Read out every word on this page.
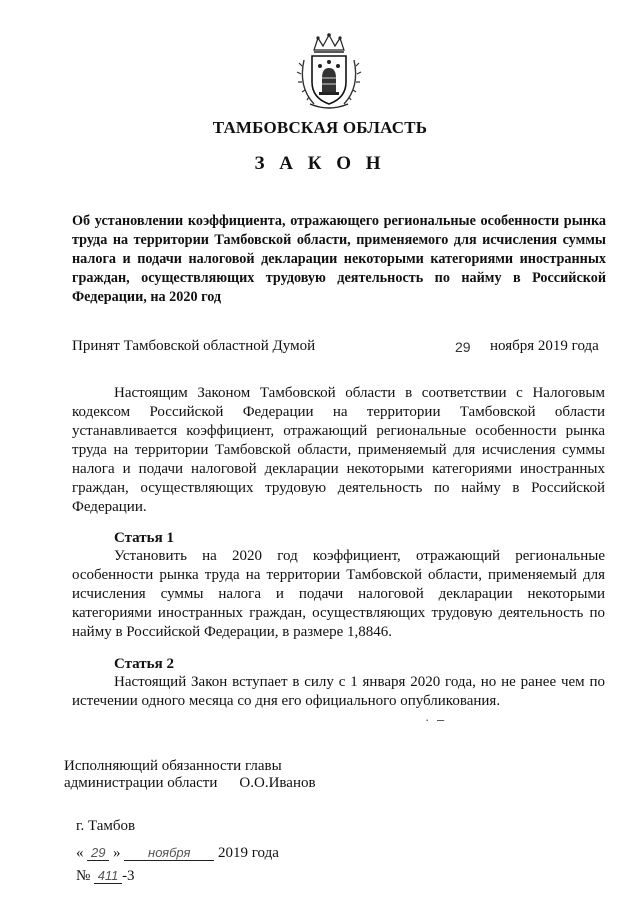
ТАМБОВСКАЯ ОБЛАСТЬ
З А К О Н
Об установлении коэффициента, отражающего региональные особенности рынка труда на территории Тамбовской области, применяемого для исчисления суммы налога и подачи налоговой декларации некоторыми категориями иностранных граждан, осуществляющих трудовую деятельность по найму в Российской Федерации, на 2020 год
Принят Тамбовской областной Думой	29 ноября 2019 года
Настоящим Законом Тамбовской области в соответствии с Налоговым кодексом Российской Федерации на территории Тамбовской области устанавливается коэффициент, отражающий региональные особенности рынка труда на территории Тамбовской области, применяемый для исчисления суммы налога и подачи налоговой декларации некоторыми категориями иностранных граждан, осуществляющих трудовую деятельность по найму в Российской Федерации.
Статья 1
Установить на 2020 год коэффициент, отражающий региональные особенности рынка труда на территории Тамбовской области, применяемый для исчисления суммы налога и подачи налоговой декларации некоторыми категориями иностранных граждан, осуществляющих трудовую деятельность по найму в Российской Федерации, в размере 1,8846.
Статья 2
Настоящий Закон вступает в силу с 1 января 2020 года, но не ранее чем по истечении одного месяца со дня его официального опубликования.
· –
Исполняющий обязанности главы
администрации области О.О.Иванов
г. Тамбов
« 29 » ноября 2019 года
№ 411 -3
